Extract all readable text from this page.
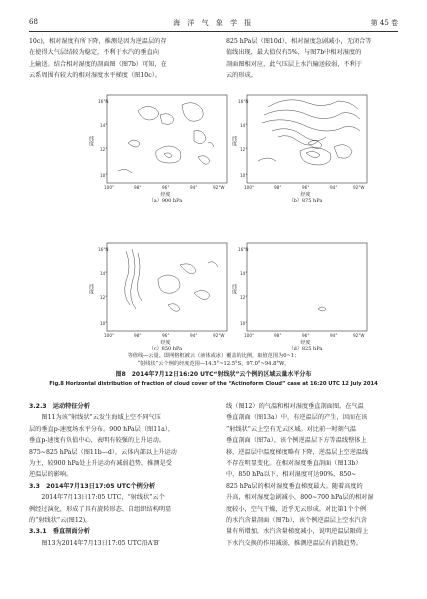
68	海 洋 气 象 学 报	第 45 卷

10c)，相对湿度有所下降，推测是因为逆温层的存

在使得大气层结较为稳定，不利于水汽的垂直向

上输送。结合相对湿度的剖面图（图7b）可知，在

云系周围有较大的相对湿度水平梯度（图10c）。

825 hPa层（图10d），相对湿度急剧减小，无闭合等

值线出现，最大值仅有5%，与图7b中相对湿度的

剖面图相对应，此气压层上水汽输送较弱，不利于

云的形成。

16°N
14°
12°
10°
100°	98°	96°	94°	92°W
经度
（a）900 hPa
纬度
16°N
14°
12°
10°
100°	98°	96°	94°	92°W
经度
（b）875 hPa
纬度
16°N
14°
12°
10°
100°	98°	96°	94°	92°W
经度
（c）850 hPa
纬度
16°N
14°
12°
10°
100°	98°	96°	94°	92°W
经度
（d）825 hPa
纬度
等值线—云量。即网格框被云（液体或冰）覆盖的比例，取值范围为0~1；
“射线状”云个例的经度范围—14.5°~12.5°S，97.0°~94.8°W。
图8　2014年7月12日16:20 UTC“射线状”云个例的区域云量水平分布
Fig.8 Horizontal distribution of fraction of cloud cover of the “Actinoform Cloud” case at 16:20 UTC 12 July 2014

3.2.3　运动特征分析

图11为该“射线状”云发生海域上空不同气压

层的垂直p-速度场水平分布。900 hPa层（图11a），

垂直p-速度有负值中心，表明有较强的上升运动。

875~825 hPa层（图11b—d），云体内部以上升运动

为主，较900 hPa处上升运动有减弱趋势，推测是受

逆温层的影响。

3.3　2014年7月13日17:05 UTC个例分析

2014年7月13日17:05 UTC，“射线状”云个

例经过演化，形成了具有旋转形态、自组织结构明显

的“射线状”云(图12)。

3.3.1　垂直剖面分析

图13为2014年7月13日17:05 UTC沿A′B′

线（图12）的气温和相对湿度垂直剖面图。在气温

垂直剖面（图13a）中，有逆温层的产生，因而在该

“射线状”云上空有无云区域。对比前一时刻气温

垂直剖面（图7a），该个例逆温层下方等温线整体上

移，逆温层中温度梯度略有下降，逆温层上空逆温线

不存在明显变化。在相对湿度垂直剖面（图13b）

中，850 hPa以下，相对湿度可达90%，850~

825 hPa层的相对湿度垂直梯度最大。随着高度的

升高，相对湿度急剧减小，800~700 hPa层的相对湿

度较小，空气干燥，近乎无云形成。对比第1个个例

的水汽含量剖面（图7b），该个例逆温层上空水汽含

量有所增加，水汽含量梯度减小，说明逆温层限碍上

下水汽交换的作用减弱，推测逆温层有消散趋势。
